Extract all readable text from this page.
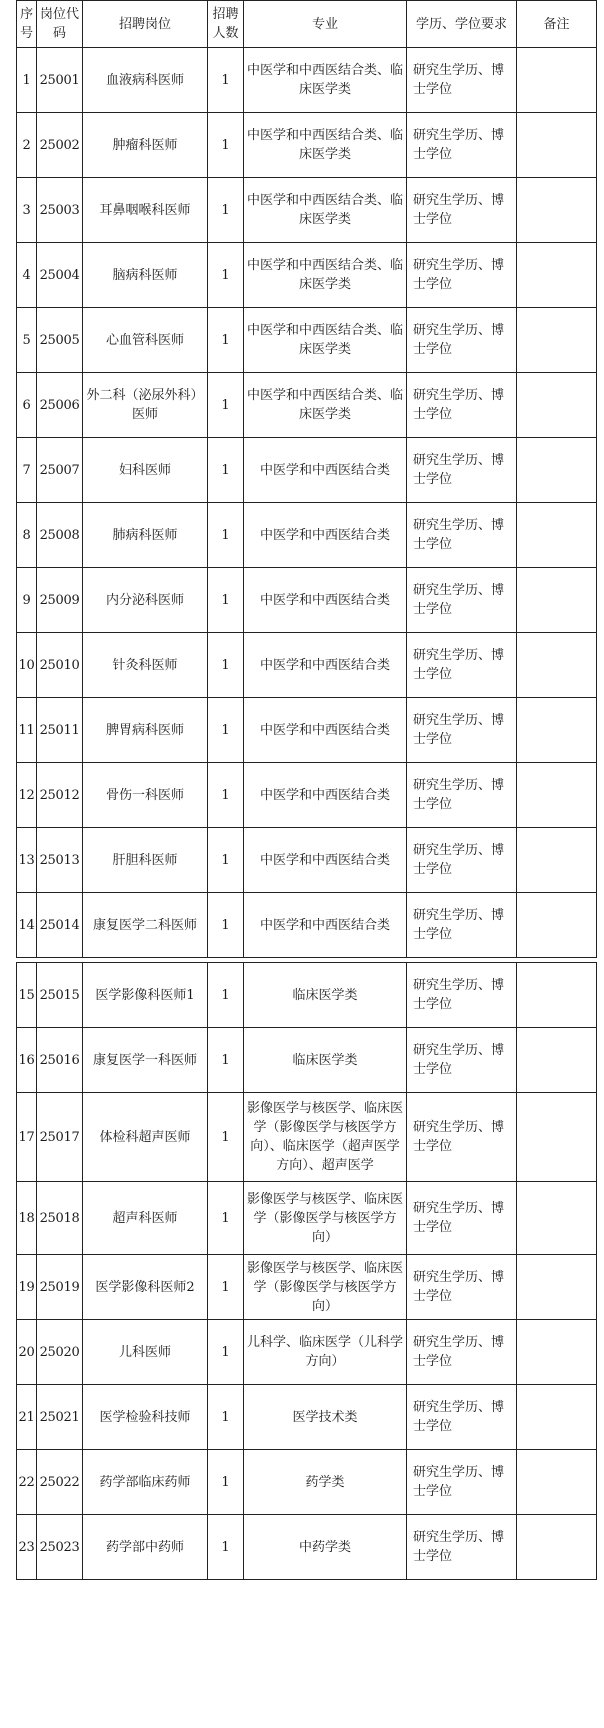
序号	岗位代码	招聘岗位	招聘人数	专业	学历、学位要求	备注
1	25001	血液病科医师	1	中医学和中西医结合类、临床医学类	研究生学历、博士学位	
2	25002	肿瘤科医师	1	中医学和中西医结合类、临床医学类	研究生学历、博士学位	
3	25003	耳鼻咽喉科医师	1	中医学和中西医结合类、临床医学类	研究生学历、博士学位	
4	25004	脑病科医师	1	中医学和中西医结合类、临床医学类	研究生学历、博士学位	
5	25005	心血管科医师	1	中医学和中西医结合类、临床医学类	研究生学历、博士学位	
6	25006	外二科（泌尿外科）医师	1	中医学和中西医结合类、临床医学类	研究生学历、博士学位	
7	25007	妇科医师	1	中医学和中西医结合类	研究生学历、博士学位	
8	25008	肺病科医师	1	中医学和中西医结合类	研究生学历、博士学位	
9	25009	内分泌科医师	1	中医学和中西医结合类	研究生学历、博士学位	
10	25010	针灸科医师	1	中医学和中西医结合类	研究生学历、博士学位	
11	25011	脾胃病科医师	1	中医学和中西医结合类	研究生学历、博士学位	
12	25012	骨伤一科医师	1	中医学和中西医结合类	研究生学历、博士学位	
13	25013	肝胆科医师	1	中医学和中西医结合类	研究生学历、博士学位	
14	25014	康复医学二科医师	1	中医学和中西医结合类	研究生学历、博士学位	

15	25015	医学影像科医师1	1	临床医学类	研究生学历、博士学位	
16	25016	康复医学一科医师	1	临床医学类	研究生学历、博士学位	
17	25017	体检科超声医师	1	影像医学与核医学、临床医学（影像医学与核医学方向）、临床医学（超声医学方向）、超声医学	研究生学历、博士学位	
18	25018	超声科医师	1	影像医学与核医学、临床医学（影像医学与核医学方向）	研究生学历、博士学位	
19	25019	医学影像科医师2	1	影像医学与核医学、临床医学（影像医学与核医学方向）	研究生学历、博士学位	
20	25020	儿科医师	1	儿科学、临床医学（儿科学方向）	研究生学历、博士学位	
21	25021	医学检验科技师	1	医学技术类	研究生学历、博士学位	
22	25022	药学部临床药师	1	药学类	研究生学历、博士学位	
23	25023	药学部中药师	1	中药学类	研究生学历、博士学位	
